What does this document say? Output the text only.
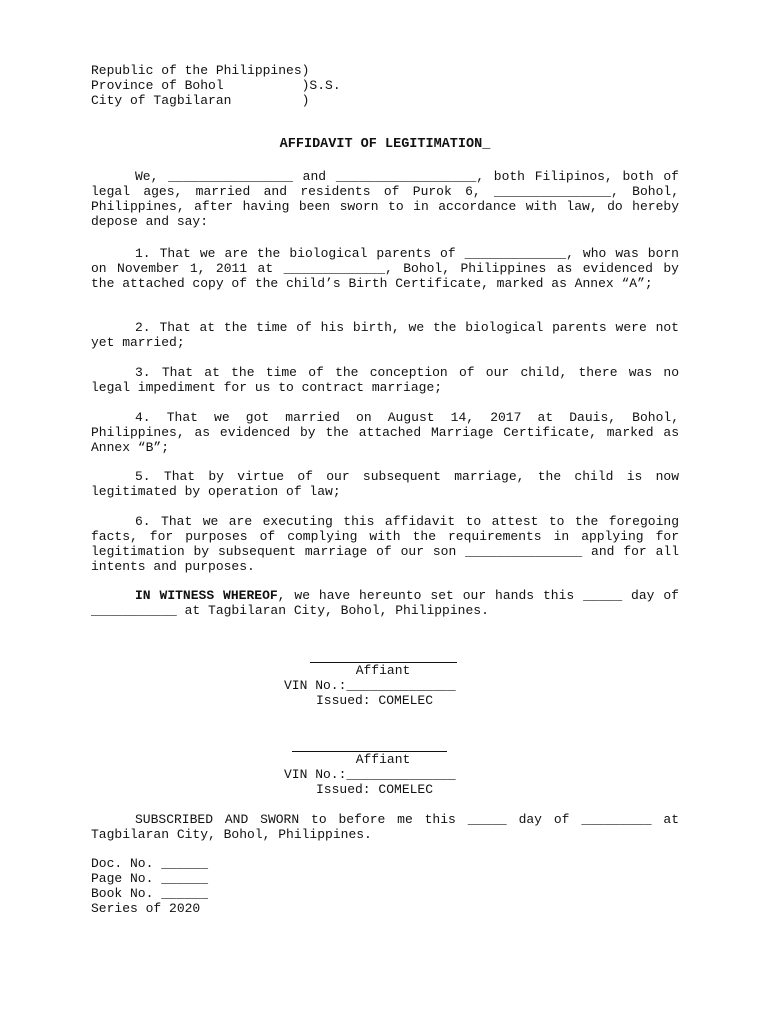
Republic of the Philippines)
Province of Bohol          )S.S.
City of Tagbilaran         )
AFFIDAVIT OF LEGITIMATION_
We, ________________ and __________________, both Filipinos, both of legal ages, married and residents of Purok 6, _______________, Bohol, Philippines, after having been sworn to in accordance with law, do hereby depose and say:
1. That we are the biological parents of _____________, who was born on November 1, 2011 at _____________, Bohol, Philippines as evidenced by the attached copy of the child’s Birth Certificate, marked as Annex “A”;
2. That at the time of his birth, we the biological parents were not yet married;
3. That at the time of the conception of our child, there was no legal impediment for us to contract marriage;
4. That we got married on August 14, 2017 at Dauis, Bohol, Philippines, as evidenced by the attached Marriage Certificate, marked as Annex “B”;
5. That by virtue of our subsequent marriage, the child is now legitimated by operation of law;
6. That we are executing this affidavit to attest to the foregoing facts, for purposes of complying with the requirements in applying for legitimation by subsequent marriage of our son _______________ and for all intents and purposes.
IN WITNESS WHEREOF, we have hereunto set our hands this _____ day of ___________ at Tagbilaran City, Bohol, Philippines.
Affiant
VIN No.:______________
Issued: COMELEC
Affiant
VIN No.:______________
Issued: COMELEC
SUBSCRIBED AND SWORN to before me this _____ day of _________ at Tagbilaran City, Bohol, Philippines.
Doc. No. ______
Page No. ______
Book No. ______
Series of 2020
